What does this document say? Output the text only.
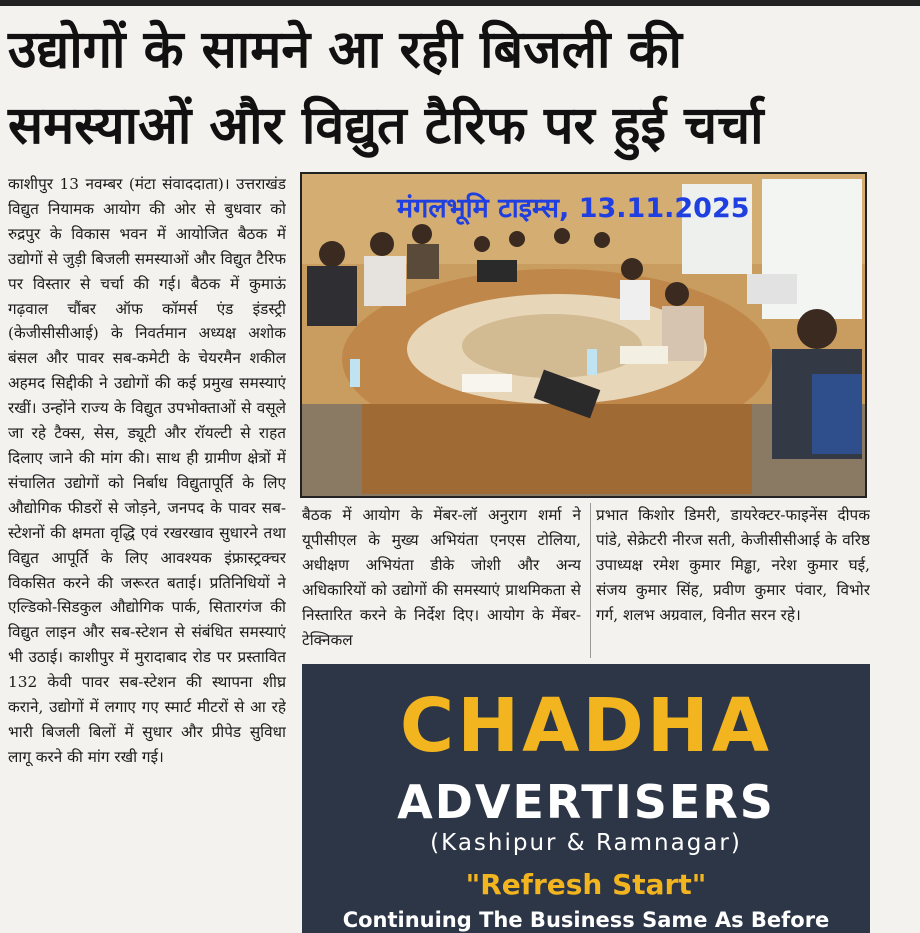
उद्योगों के सामने आ रही बिजली की
समस्याओं और विद्युत टैरिफ पर हुई चर्चा
काशीपुर 13 नवम्बर (मंटा संवाददाता)। उत्तराखंड विद्युत नियामक आयोग की ओर से बुधवार को रुद्रपुर के विकास भवन में आयोजित बैठक में उद्योगों से जुड़ी बिजली समस्याओं और विद्युत टैरिफ पर विस्तार से चर्चा की गई। बैठक में कुमाऊं गढ़वाल चौंबर ऑफ कॉमर्स एंड इंडस्ट्री (केजीसीसीआई) के निवर्तमान अध्यक्ष अशोक बंसल और पावर सब-कमेटी के चेयरमैन शकील अहमद सिद्दीकी ने उद्योगों की कई प्रमुख समस्याएं रखीं। उन्होंने राज्य के विद्युत उपभोक्ताओं से वसूले जा रहे टैक्स, सेस, ड्यूटी और रॉयल्टी से राहत दिलाए जाने की मांग की। साथ ही ग्रामीण क्षेत्रों में संचालित उद्योगों को निर्बाध विद्युतापूर्ति के लिए औद्योगिक फीडरों से जोड़ने, जनपद के पावर सब-स्टेशनों की क्षमता वृद्धि एवं रखरखाव सुधारने तथा विद्युत आपूर्ति के लिए आवश्यक इंफ्रास्ट्रक्चर विकसित करने की जरूरत बताई। प्रतिनिधियों ने एल्डिको-सिडकुल औद्योगिक पार्क, सितारगंज की विद्युत लाइन और सब-स्टेशन से संबंधित समस्याएं भी उठाई। काशीपुर में मुरादाबाद रोड पर प्रस्तावित 132 केवी पावर सब-स्टेशन की स्थापना शीघ्र कराने, उद्योगों में लगाए गए स्मार्ट मीटरों से आ रहे भारी बिजली बिलों में सुधार और प्रीपेड सुविधा लागू करने की मांग रखी गई।
मंगलभूमि टाइम्स, 13.11.2025
बैठक में आयोग के मेंबर-लॉ अनुराग शर्मा ने यूपीसीएल के मुख्य अभियंता एनएस टोलिया, अधीक्षण अभियंता डीके जोशी और अन्य अधिकारियों को उद्योगों की समस्याएं प्राथमिकता से निस्तारित करने के निर्देश दिए। आयोग के मेंबर-टेक्निकल
प्रभात किशोर डिमरी, डायरेक्टर-फाइनेंस दीपक पांडे, सेक्रेटरी नीरज सती, केजीसीसीआई के वरिष्ठ उपाध्यक्ष रमेश कुमार मिड्ढा, नरेश कुमार घई, संजय कुमार सिंह, प्रवीण कुमार पंवार, विभोर गर्ग, शलभ अग्रवाल, विनीत सरन रहे।
CHADHA
ADVERTISERS
(Kashipur & Ramnagar)
"Refresh Start"
Continuing The Business Same As Before
